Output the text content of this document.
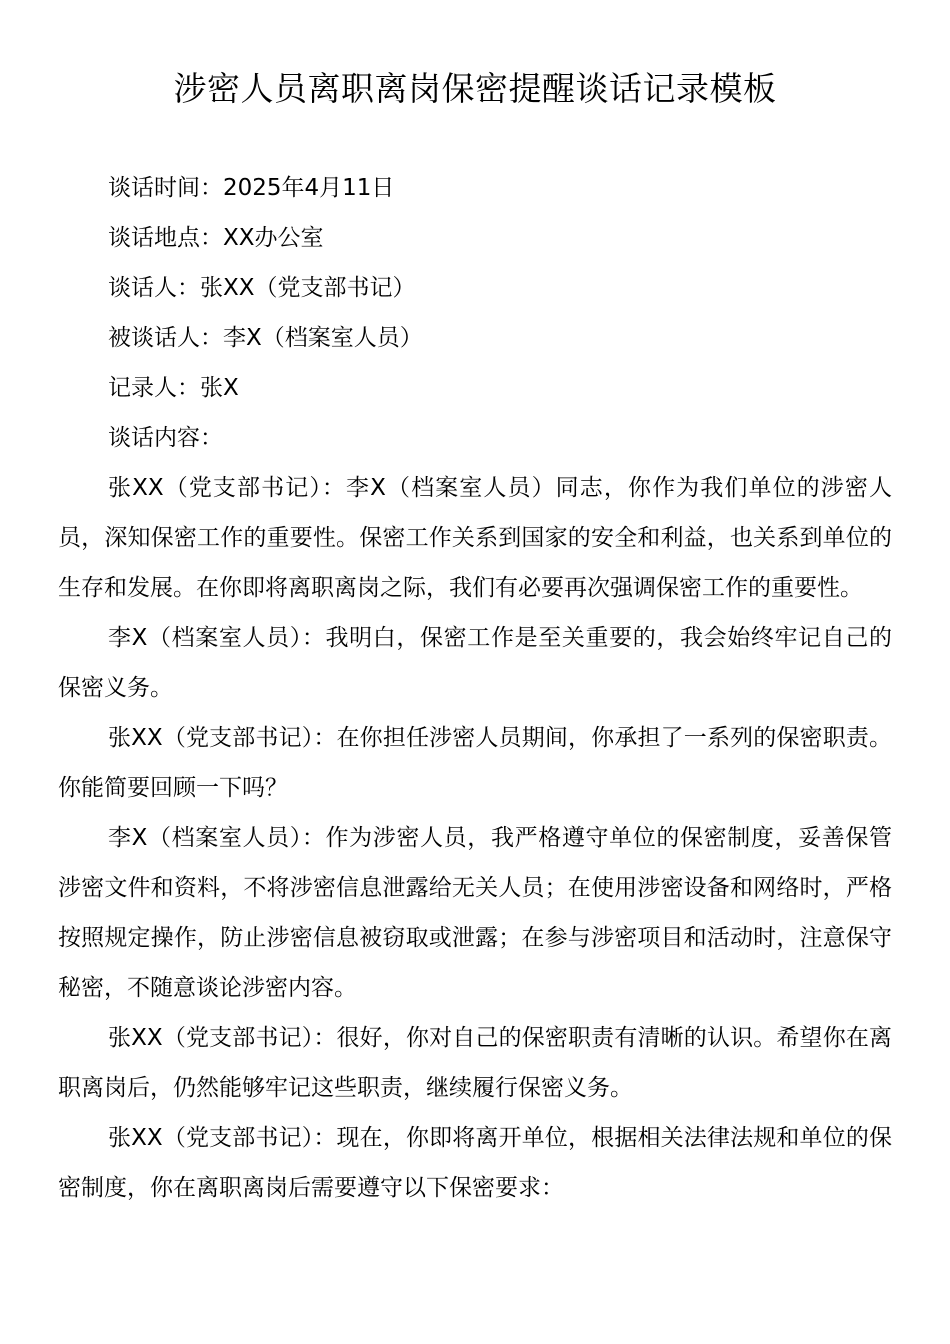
涉密人员离职离岗保密提醒谈话记录模板
谈话时间：2025年4月11日
谈话地点：XX办公室
谈话人：张XX（党支部书记）
被谈话人：李X（档案室人员）
记录人：张X
谈话内容：

张XX（党支部书记）：李X（档案室人员）同志，你作为我们单位的涉密人员，深知保密工作的重要性。保密工作关系到国家的安全和利益，也关系到单位的生存和发展。在你即将离职离岗之际，我们有必要再次强调保密工作的重要性。

李X（档案室人员）：我明白，保密工作是至关重要的，我会始终牢记自己的保密义务。

张XX（党支部书记）：在你担任涉密人员期间，你承担了一系列的保密职责。你能简要回顾一下吗？

李X（档案室人员）：作为涉密人员，我严格遵守单位的保密制度，妥善保管涉密文件和资料，不将涉密信息泄露给无关人员；在使用涉密设备和网络时，严格按照规定操作，防止涉密信息被窃取或泄露；在参与涉密项目和活动时，注意保守秘密，不随意谈论涉密内容。

张XX（党支部书记）：很好，你对自己的保密职责有清晰的认识。希望你在离职离岗后，仍然能够牢记这些职责，继续履行保密义务。

张XX（党支部书记）：现在，你即将离开单位，根据相关法律法规和单位的保密制度，你在离职离岗后需要遵守以下保密要求：
